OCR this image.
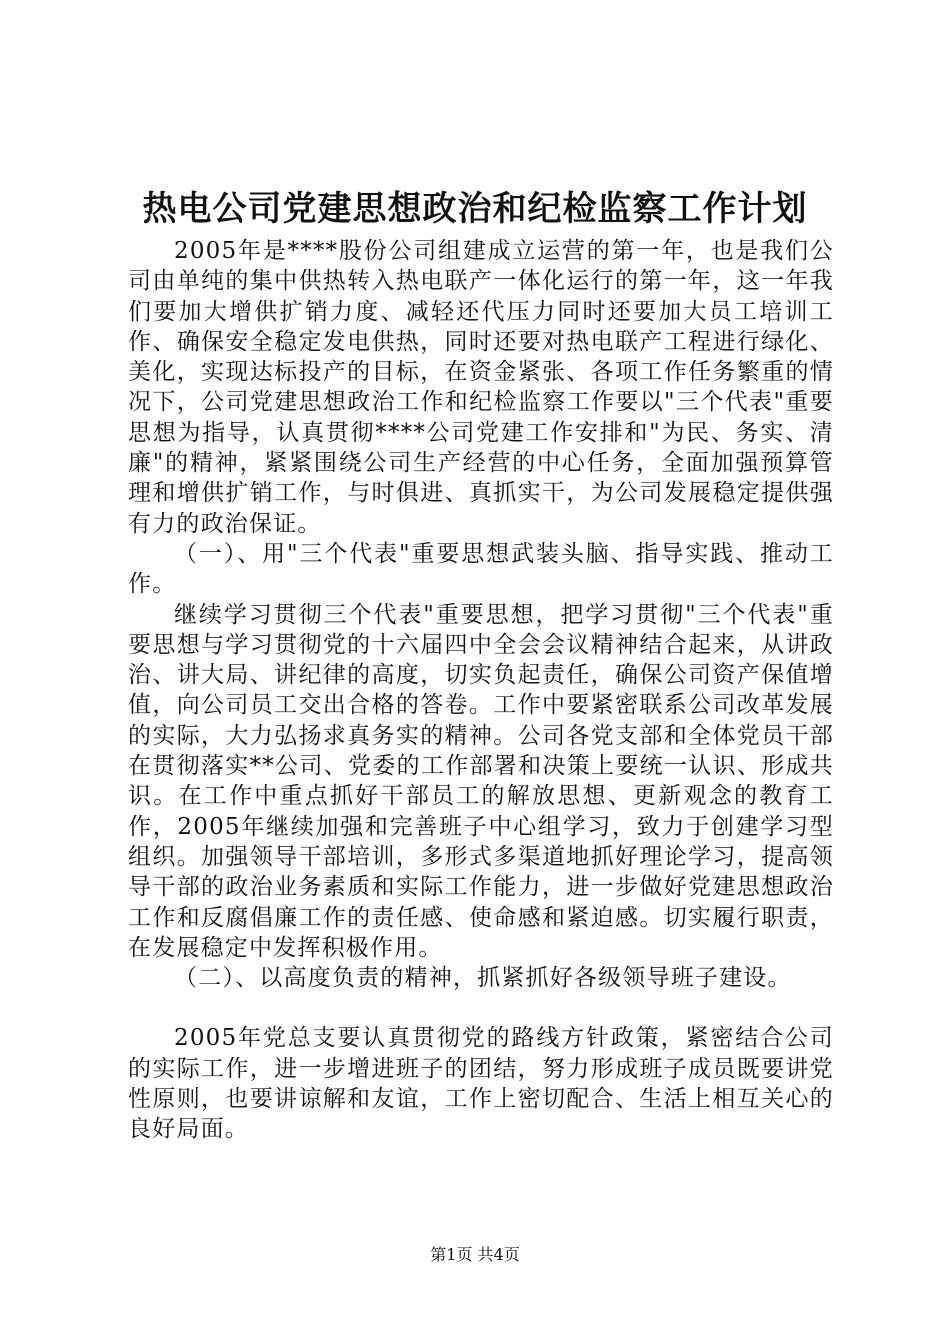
热电公司党建思想政治和纪检监察工作计划

2005年是****股份公司组建成立运营的第一年，也是我们公司由单纯的集中供热转入热电联产一体化运行的第一年，这一年我们要加大增供扩销力度、减轻还代压力同时还要加大员工培训工作、确保安全稳定发电供热，同时还要对热电联产工程进行绿化、美化，实现达标投产的目标，在资金紧张、各项工作任务繁重的情况下，公司党建思想政治工作和纪检监察工作要以"三个代表"重要思想为指导，认真贯彻****公司党建工作安排和"为民、务实、清廉"的精神，紧紧围绕公司生产经营的中心任务，全面加强预算管理和增供扩销工作，与时俱进、真抓实干，为公司发展稳定提供强有力的政治保证。

（一）、用"三个代表"重要思想武装头脑、指导实践、推动工作。

继续学习贯彻三个代表"重要思想，把学习贯彻"三个代表"重要思想与学习贯彻党的十六届四中全会会议精神结合起来，从讲政治、讲大局、讲纪律的高度，切实负起责任，确保公司资产保值增值，向公司员工交出合格的答卷。工作中要紧密联系公司改革发展的实际，大力弘扬求真务实的精神。公司各党支部和全体党员干部在贯彻落实**公司、党委的工作部署和决策上要统一认识、形成共识。在工作中重点抓好干部员工的解放思想、更新观念的教育工作，2005年继续加强和完善班子中心组学习，致力于创建学习型组织。加强领导干部培训，多形式多渠道地抓好理论学习，提高领导干部的政治业务素质和实际工作能力，进一步做好党建思想政治工作和反腐倡廉工作的责任感、使命感和紧迫感。切实履行职责，在发展稳定中发挥积极作用。

（二）、以高度负责的精神，抓紧抓好各级领导班子建设。

2005年党总支要认真贯彻党的路线方针政策，紧密结合公司的实际工作，进一步增进班子的团结，努力形成班子成员既要讲党性原则，也要讲谅解和友谊，工作上密切配合、生活上相互关心的良好局面。

第1页 共4页
